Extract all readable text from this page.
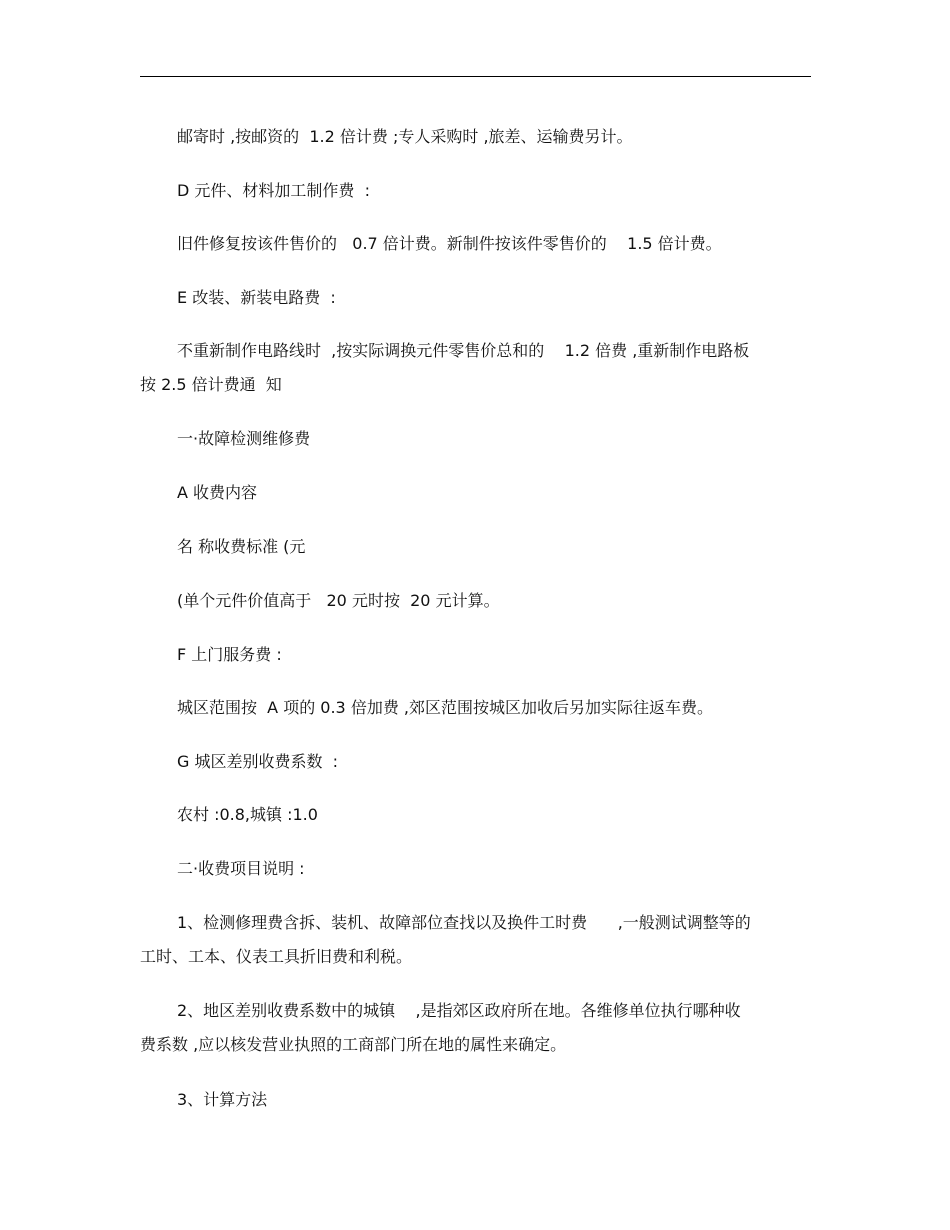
邮寄时 ,按邮资的  1.2 倍计费 ;专人采购时 ,旅差、运输费另计。

D 元件、材料加工制作费  :

旧件修复按该件售价的   0.7 倍计费。新制件按该件零售价的    1.5 倍计费。

E 改装、新装电路费  :

不重新制作电路线时  ,按实际调换元件零售价总和的    1.2 倍费 ,重新制作电路板

按 2.5 倍计费通  知

一·故障检测维修费

A 收费内容

名 称收费标准 (元

(单个元件价值高于   20 元时按  20 元计算。

F 上门服务费 :

城区范围按  A 项的 0.3 倍加费 ,郊区范围按城区加收后另加实际往返车费。

G 城区差别收费系数  :

农村 :0.8,城镇 :1.0

二·收费项目说明 :

1、检测修理费含拆、装机、故障部位查找以及换件工时费      ,一般测试调整等的

工时、工本、仪表工具折旧费和利税。

2、地区差别收费系数中的城镇    ,是指郊区政府所在地。各维修单位执行哪种收

费系数 ,应以核发营业执照的工商部门所在地的属性来确定。

3、计算方法
